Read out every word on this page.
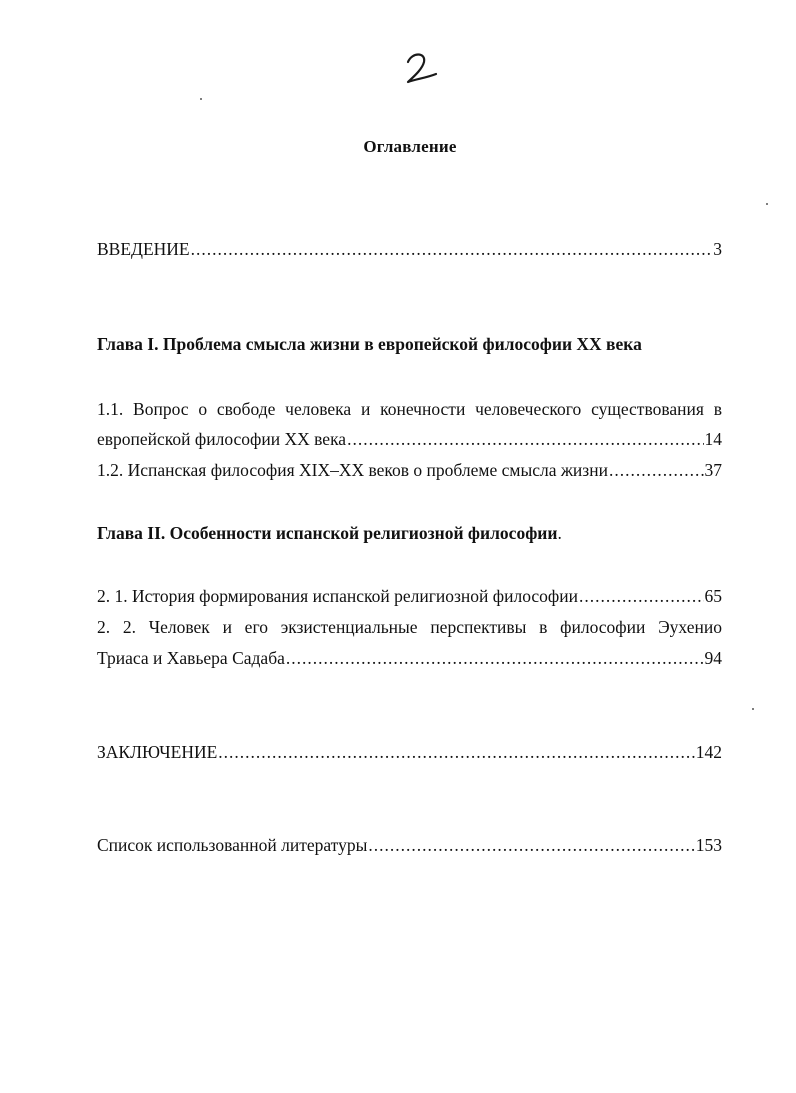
Оглавление
ВВЕДЕНИЕ .....	3
Глава I. Проблема смысла жизни в европейской философии XX века
1.1. Вопрос о свободе человека и конечности человеческого существования в
европейской философии XX века .....	14
1.2. Испанская философия XIX–XX веков о проблеме смысла жизни .....	37
Глава II. Особенности испанской религиозной философии.
2. 1. История формирования испанской религиозной философии .....	65
2. 2. Человек и его экзистенциальные перспективы в философии Эухенио
Триаса и Хавьера Садаба .....	94
ЗАКЛЮЧЕНИЕ .....	142
Список использованной литературы .....	153
